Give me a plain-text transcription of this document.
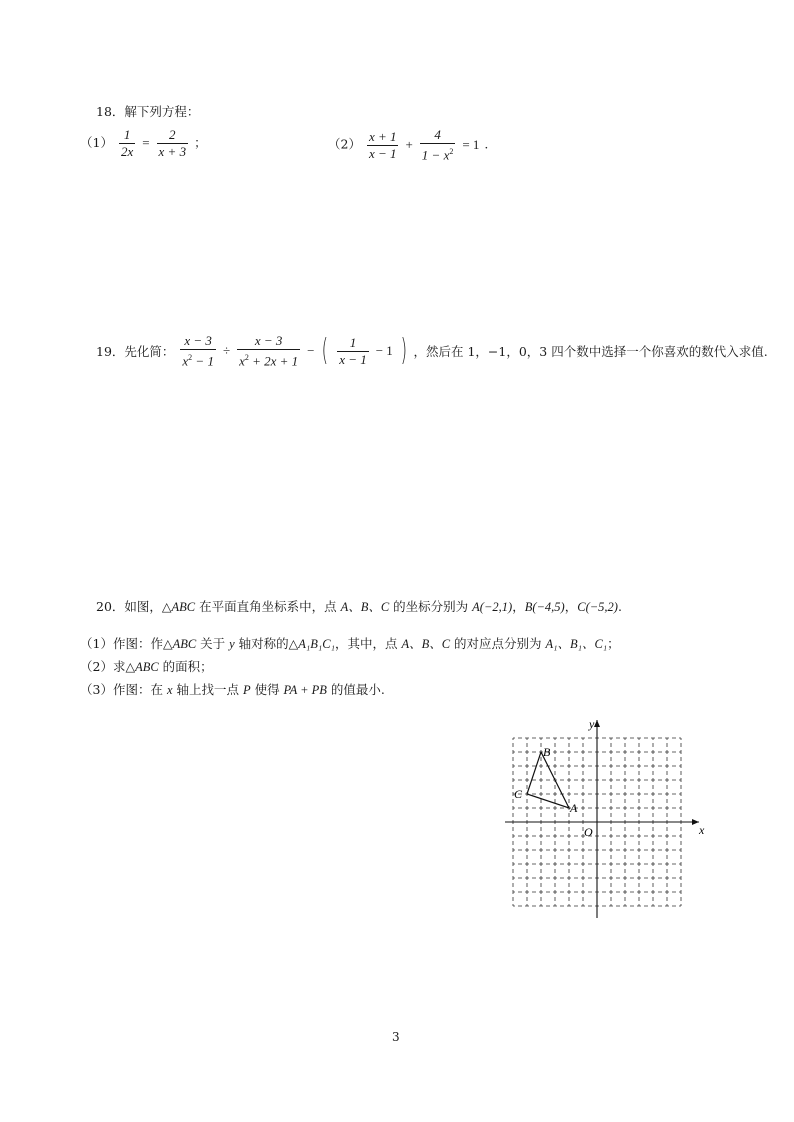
18．解下列方程：
$(1) \frac{1}{2x} = \frac{2}{x + 3}$ ；	$(2) \frac{x + 1}{x - 1} + \frac{4}{1 - x^2} = 1$ .
19．先化简： $\frac{x - 3}{x^2 - 1} \div \frac{x - 3}{x^2 + 2x + 1}$ − ( $\frac{1}{x - 1} - 1$ ) ，然后在 1，−1，0，3 四个数中选择一个你喜欢的数代入求值.
20．如图，△ABC 在平面直角坐标系中，点 A、B、C 的坐标分别为 A(−2,1)，B(−4,5)，C(−5,2).
（1）作图：作△ABC 关于 y 轴对称的△A₁B₁C₁，其中，点 A、B、C 的对应点分别为 A₁、B₁、C₁；
（2）求△ABC 的面积；
（3）作图：在 x 轴上找一点 P 使得 PA + PB 的值最小.
x
y
O
A
B
C
3
